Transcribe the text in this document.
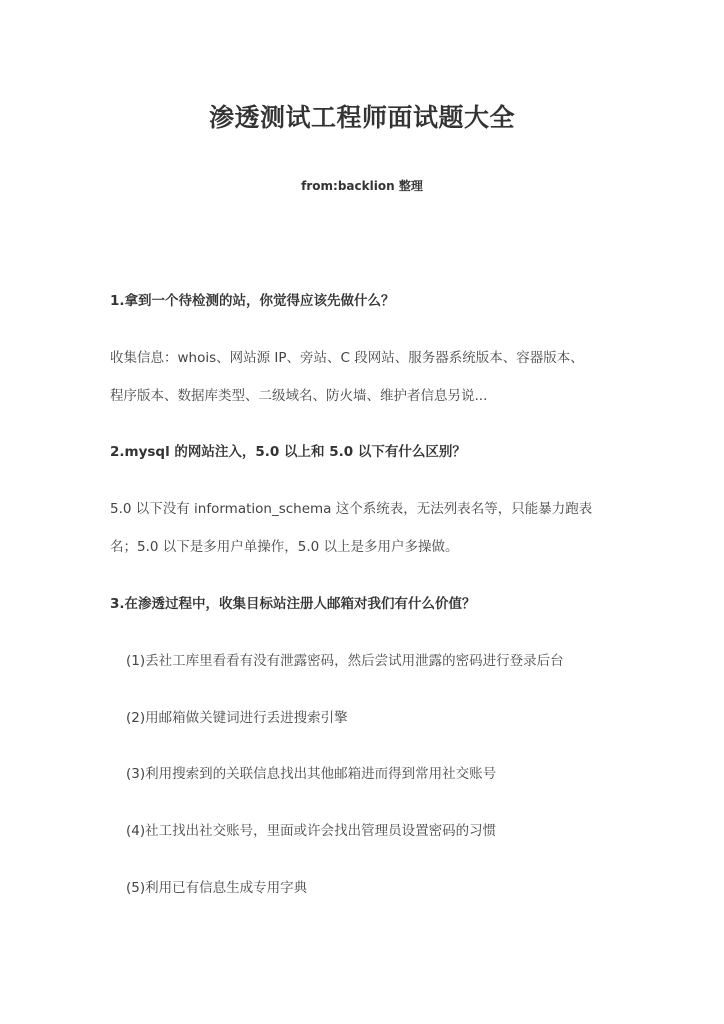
渗透测试工程师面试题大全
from:backlion 整理
1.拿到一个待检测的站，你觉得应该先做什么？
收集信息：whois、网站源 IP、旁站、C 段网站、服务器系统版本、容器版本、
程序版本、数据库类型、二级域名、防火墙、维护者信息另说...
2.mysql 的网站注入，5.0 以上和 5.0 以下有什么区别？
5.0 以下没有 information_schema 这个系统表，无法列表名等，只能暴力跑表
名；5.0 以下是多用户单操作，5.0 以上是多用户多操做。
3.在渗透过程中，收集目标站注册人邮箱对我们有什么价值？
(1)丢社工库里看看有没有泄露密码，然后尝试用泄露的密码进行登录后台
(2)用邮箱做关键词进行丢进搜索引擎
(3)利用搜索到的关联信息找出其他邮箱进而得到常用社交账号
(4)社工找出社交账号，里面或许会找出管理员设置密码的习惯
(5)利用已有信息生成专用字典
